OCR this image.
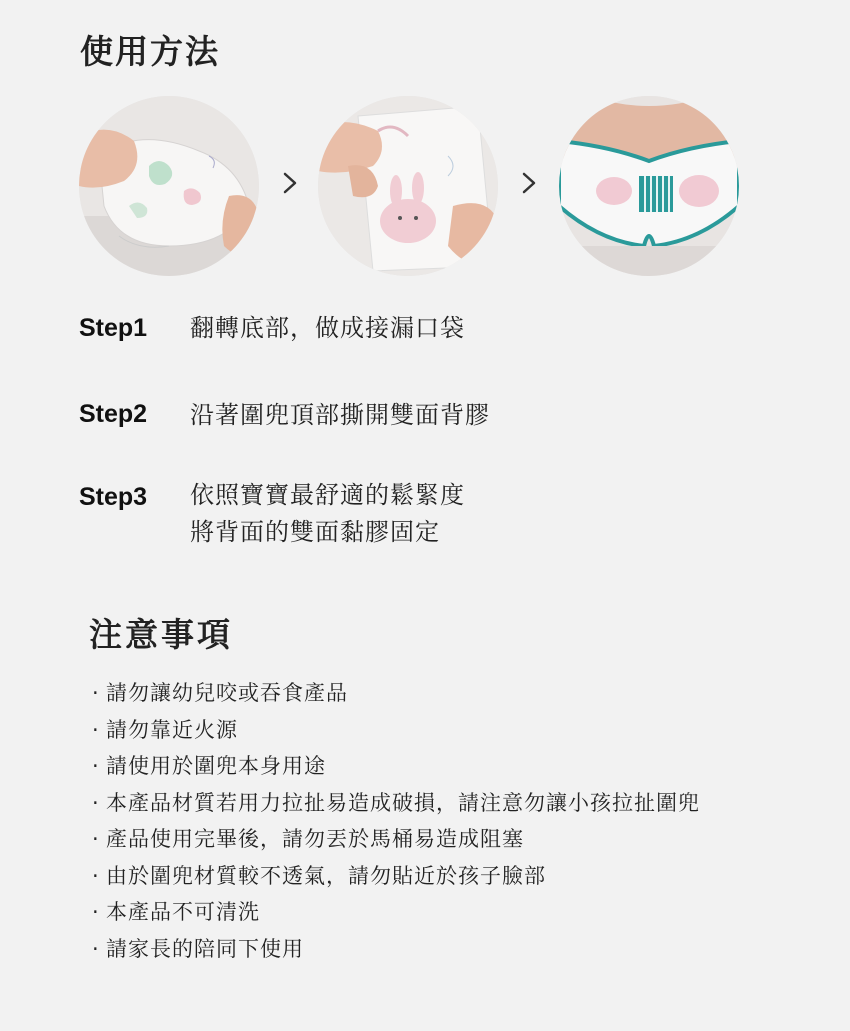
使用方法
Step1 翻轉底部，做成接漏口袋
Step2 沿著圍兜頂部撕開雙面背膠
Step3 依照寶寶最舒適的鬆緊度
將背面的雙面黏膠固定
注意事項
· 請勿讓幼兒咬或吞食產品
· 請勿靠近火源
· 請使用於圍兜本身用途
· 本產品材質若用力拉扯易造成破損，請注意勿讓小孩拉扯圍兜
· 產品使用完畢後，請勿丟於馬桶易造成阻塞
· 由於圍兜材質較不透氣，請勿貼近於孩子臉部
· 本產品不可清洗
· 請家長的陪同下使用
